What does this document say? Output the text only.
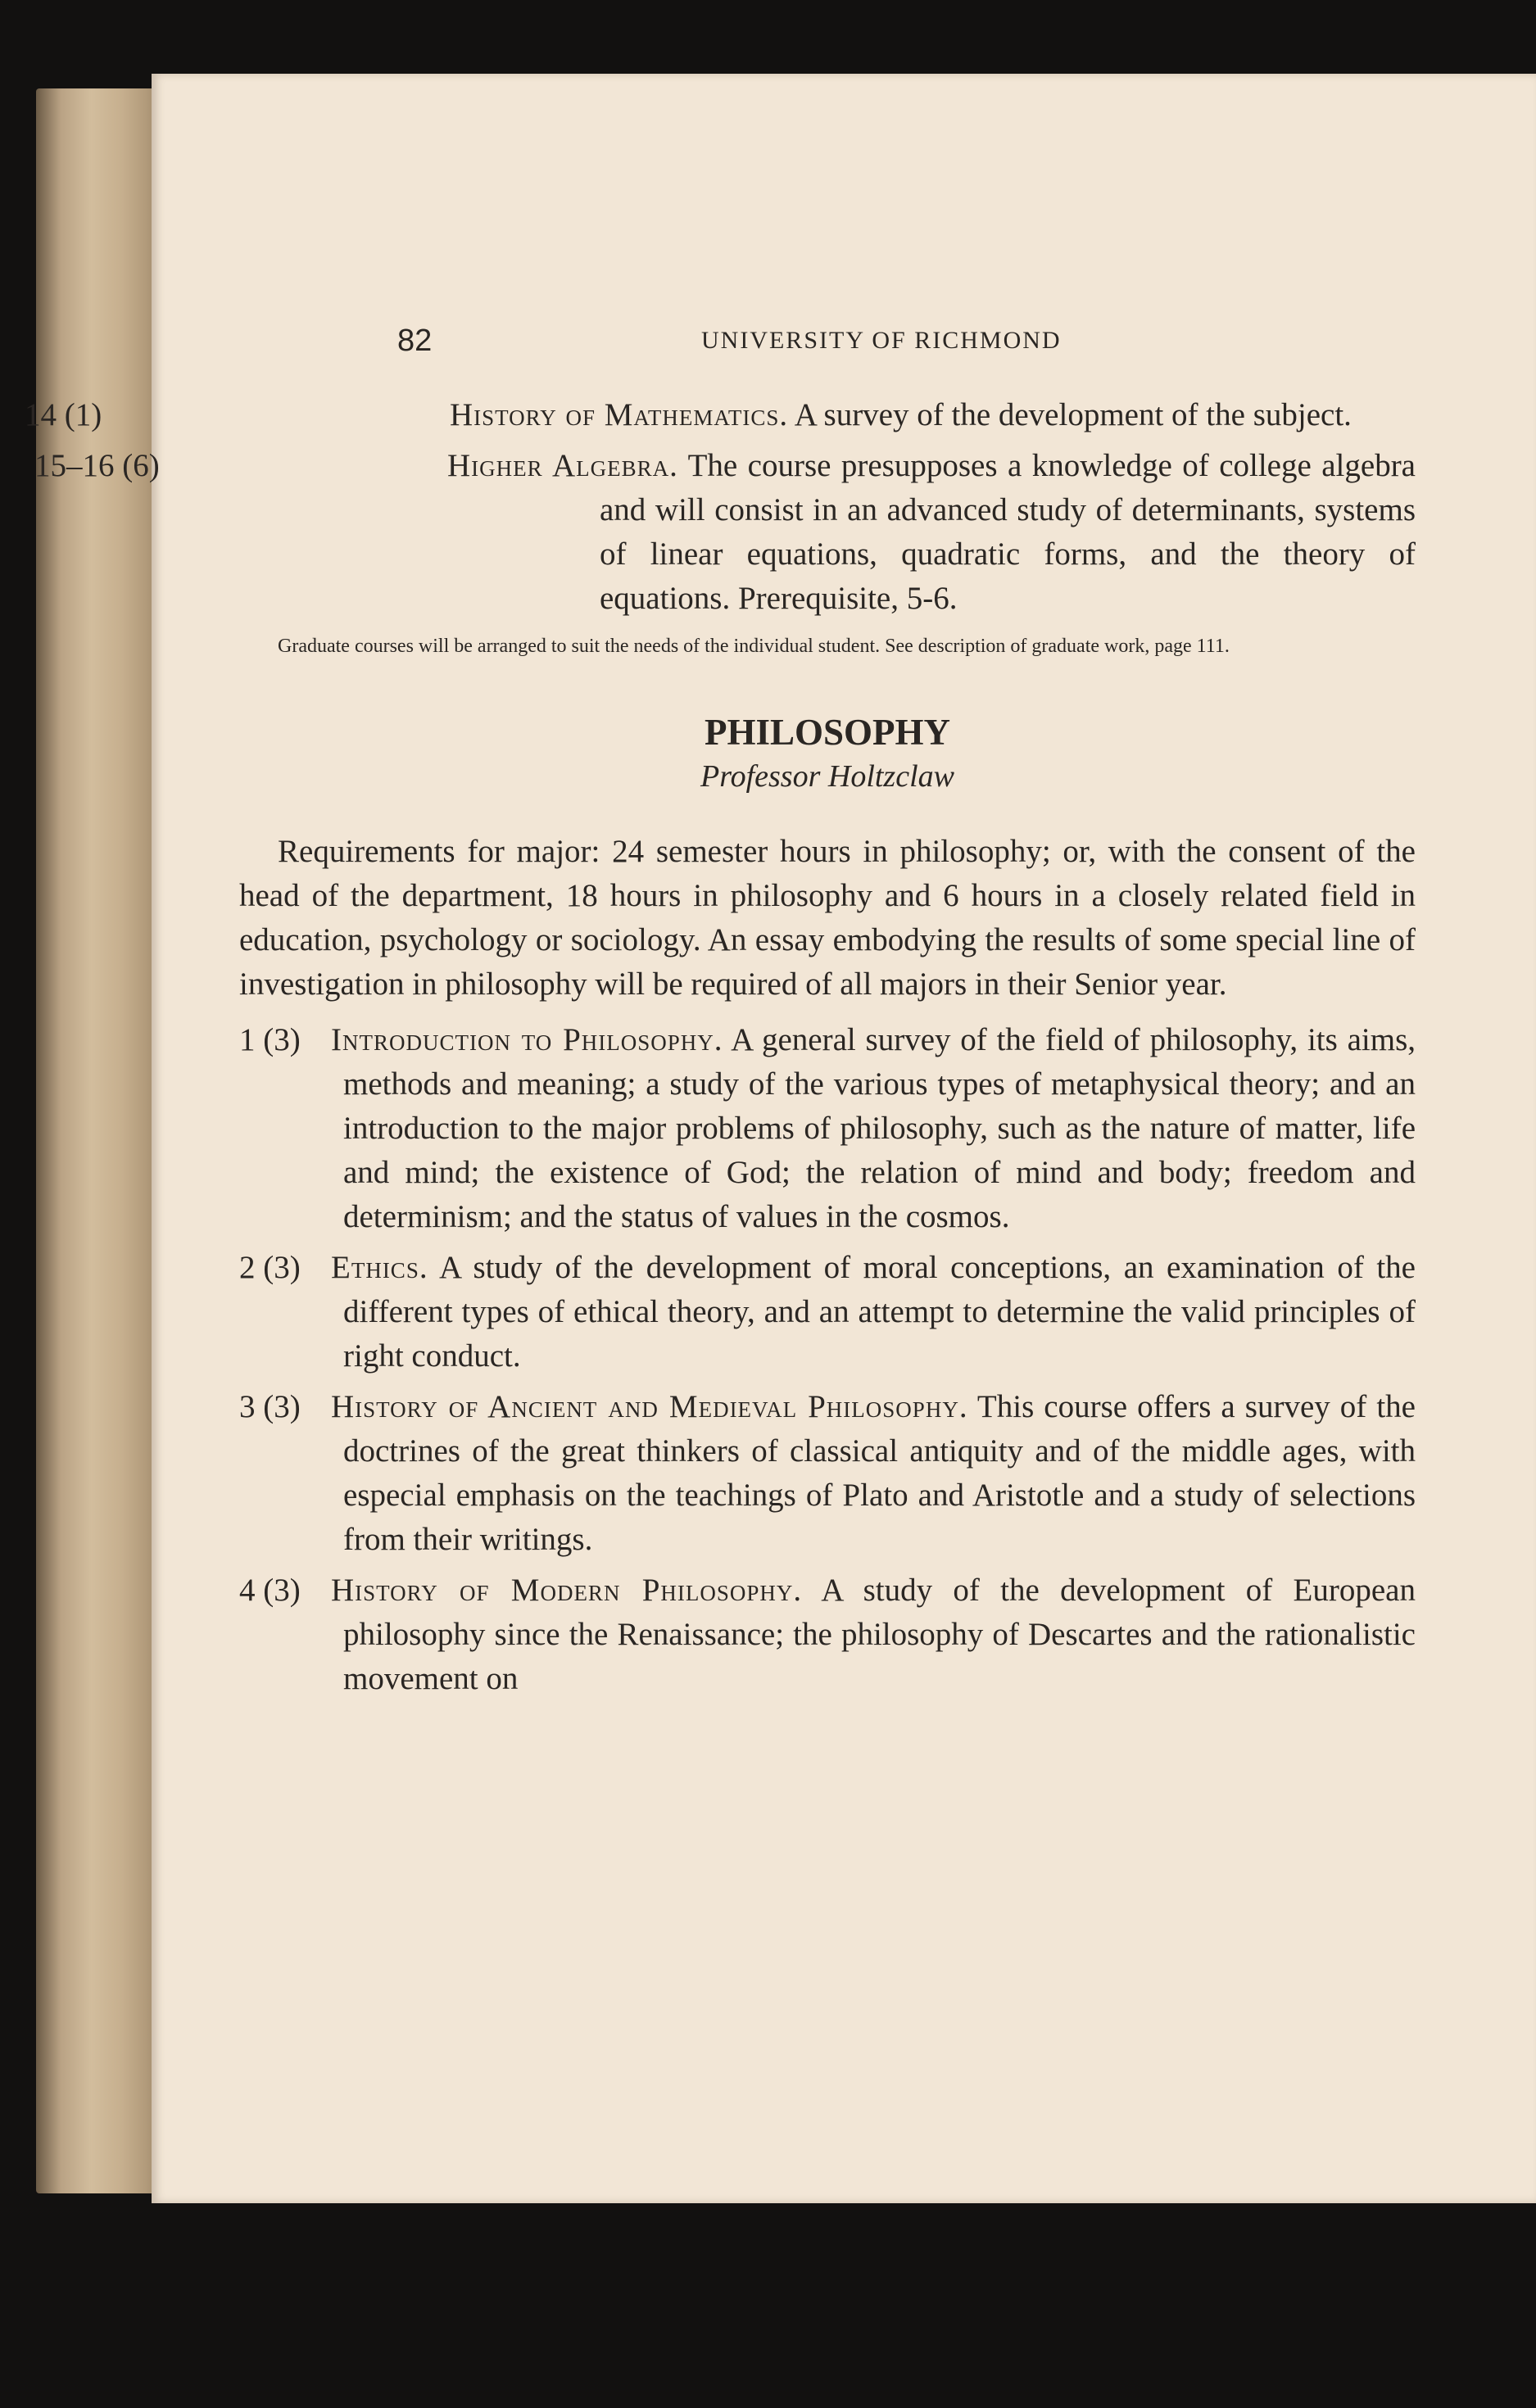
82	UNIVERSITY OF RICHMOND
14 (1)	History of Mathematics. A survey of the development of the subject.
15–16 (6)	Higher Algebra. The course presupposes a knowledge of college algebra and will consist in an advanced study of determinants, systems of linear equations, quadratic forms, and the theory of equations. Prerequisite, 5-6.

Graduate courses will be arranged to suit the needs of the individual student. See description of graduate work, page 111.

PHILOSOPHY
Professor Holtzclaw

Requirements for major: 24 semester hours in philosophy; or, with the consent of the head of the department, 18 hours in philosophy and 6 hours in a closely related field in education, psychology or sociology. An essay embodying the results of some special line of investigation in philosophy will be required of all majors in their Senior year.

1 (3) Introduction to Philosophy. A general survey of the field of philosophy, its aims, methods and meaning; a study of the various types of metaphysical theory; and an introduction to the major problems of philosophy, such as the nature of matter, life and mind; the existence of God; the relation of mind and body; freedom and determinism; and the status of values in the cosmos.
2 (3) Ethics. A study of the development of moral conceptions, an examination of the different types of ethical theory, and an attempt to determine the valid principles of right conduct.
3 (3) History of Ancient and Medieval Philosophy. This course offers a survey of the doctrines of the great thinkers of classical antiquity and of the middle ages, with especial emphasis on the teachings of Plato and Aristotle and a study of selections from their writings.
4 (3) History of Modern Philosophy. A study of the development of European philosophy since the Renaissance; the philosophy of Descartes and the rationalistic movement on
